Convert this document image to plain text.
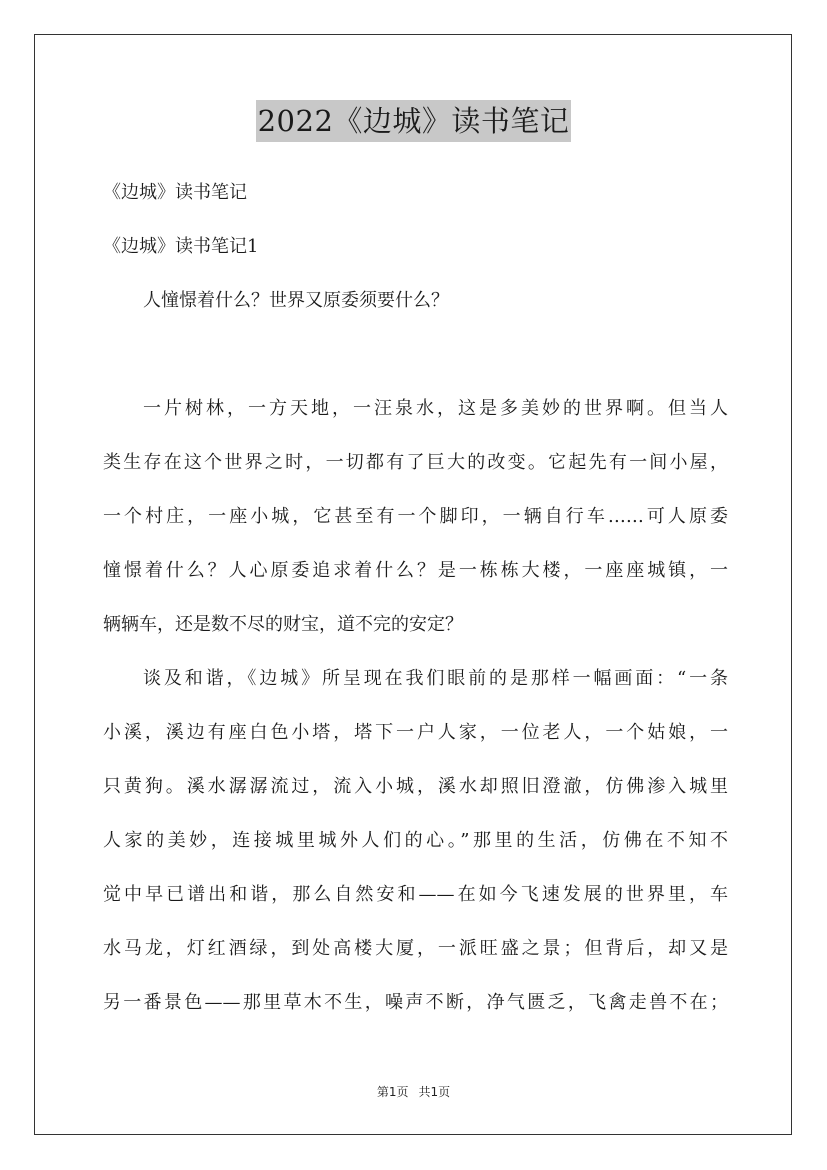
2022《边城》读书笔记
《边城》读书笔记
《边城》读书笔记1
人憧憬着什么？世界又原委须要什么？
一片树林，一方天地，一汪泉水，这是多美妙的世界啊。但当人
类生存在这个世界之时，一切都有了巨大的改变。它起先有一间小屋，
一个村庄，一座小城，它甚至有一个脚印，一辆自行车……可人原委
憧憬着什么？人心原委追求着什么？是一栋栋大楼，一座座城镇，一
辆辆车，还是数不尽的财宝，道不完的安定？
谈及和谐，《边城》所呈现在我们眼前的是那样一幅画面：“一条
小溪，溪边有座白色小塔，塔下一户人家，一位老人，一个姑娘，一
只黄狗。溪水潺潺流过，流入小城，溪水却照旧澄澈，仿佛渗入城里
人家的美妙，连接城里城外人们的心。”那里的生活，仿佛在不知不
觉中早已谱出和谐，那么自然安和——在如今飞速发展的世界里，车
水马龙，灯红酒绿，到处高楼大厦，一派旺盛之景；但背后，却又是
另一番景色——那里草木不生，噪声不断，净气匮乏，飞禽走兽不在；
第1页 共1页
